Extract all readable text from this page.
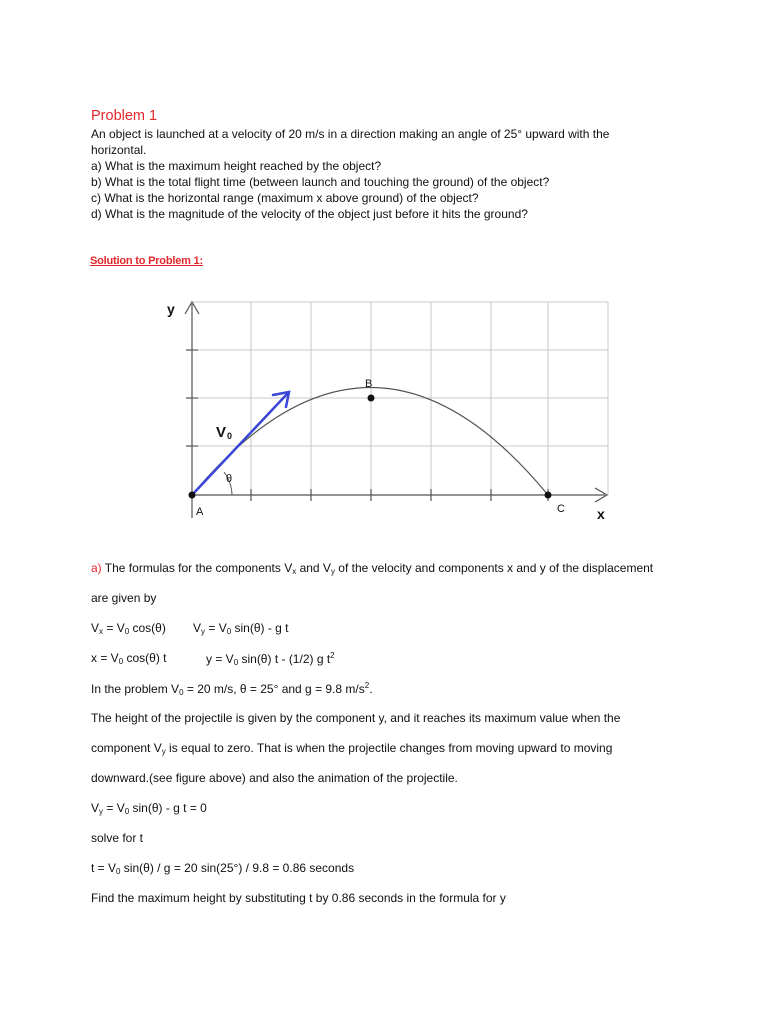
Problem 1
An object is launched at a velocity of 20 m/s in a direction making an angle of 25° upward with the
horizontal.
a) What is the maximum height reached by the object?
b) What is the total flight time (between launch and touching the ground) of the object?
c) What is the horizontal range (maximum x above ground) of the object?
d) What is the magnitude of the velocity of the object just before it hits the ground?
Solution to Problem 1:
y
x
A
B
C
V 0
θ
a) The formulas for the components $V_x$ and $V_y$ of the velocity and components x and y of the displacement
are given by
$V_x = V_0$ cos(θ) $V_y = V_0$ sin(θ) - g t
$x = V_0$ cos(θ) t	$y = V_0$ sin(θ) t - (1/2) g $t^2$
In the problem $V_0 = 20$ m/s, θ = 25° and g = 9.8 $m/s^2$.
The height of the projectile is given by the component y, and it reaches its maximum value when the
component $V_y$ is equal to zero. That is when the projectile changes from moving upward to moving
downward.(see figure above) and also the animation of the projectile.
$V_y = V_0$ sin(θ) - g t = 0
solve for t
$t = V_0$ sin(θ) / g = 20 sin(25°) / 9.8 = 0.86 seconds
Find the maximum height by substituting t by 0.86 seconds in the formula for y
